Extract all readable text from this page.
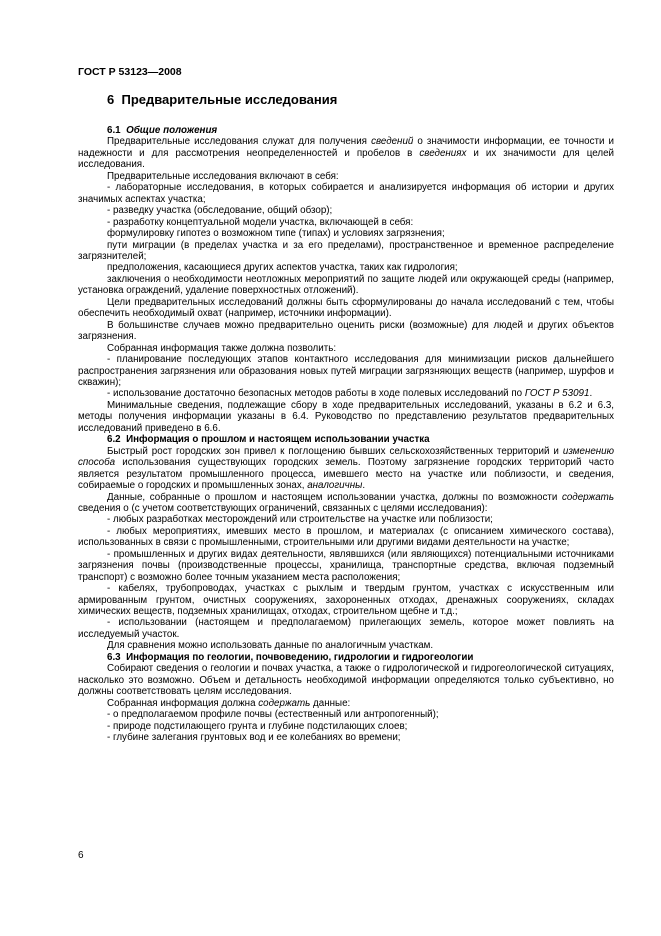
ГОСТ Р 53123—2008
6 Предварительные исследования

6.1 Общие положения

Предварительные исследования служат для получения сведений о значимости информации, ее точности и надежности и для рассмотрения неопределенностей и пробелов в сведениях и их значимости для целей исследования.

Предварительные исследования включают в себя:

- лабораторные исследования, в которых собирается и анализируется информация об истории и других значимых аспектах участка;

- разведку участка (обследование, общий обзор);

- разработку концептуальной модели участка, включающей в себя:

формулировку гипотез о возможном типе (типах) и условиях загрязнения;

пути миграции (в пределах участка и за его пределами), пространственное и временное распределение загрязнителей;

предположения, касающиеся других аспектов участка, таких как гидрология;

заключения о необходимости неотложных мероприятий по защите людей или окружающей среды (например, установка ограждений, удаление поверхностных отложений).

Цели предварительных исследований должны быть сформулированы до начала исследований с тем, чтобы обеспечить необходимый охват (например, источники информации).

В большинстве случаев можно предварительно оценить риски (возможные) для людей и других объектов загрязнения.

Собранная информация также должна позволить:

- планирование последующих этапов контактного исследования для минимизации рисков дальнейшего распространения загрязнения или образования новых путей миграции загрязняющих веществ (например, шурфов и скважин);

- использование достаточно безопасных методов работы в ходе полевых исследований по ГОСТ Р 53091.

Минимальные сведения, подлежащие сбору в ходе предварительных исследований, указаны в 6.2 и 6.3, методы получения информации указаны в 6.4. Руководство по представлению результатов предварительных исследований приведено в 6.6.

6.2 Информация о прошлом и настоящем использовании участка

Быстрый рост городских зон привел к поглощению бывших сельскохозяйственных территорий и изменению способа использования существующих городских земель. Поэтому загрязнение городских территорий часто является результатом промышленного процесса, имевшего место на участке или поблизости, и сведения, собираемые о городских и промышленных зонах, аналогичны.

Данные, собранные о прошлом и настоящем использовании участка, должны по возможности содержать сведения о (с учетом соответствующих ограничений, связанных с целями исследования):

- любых разработках месторождений или строительстве на участке или поблизости;

- любых мероприятиях, имевших место в прошлом, и материалах (с описанием химического состава), использованных в связи с промышленными, строительными или другими видами деятельности на участке;

- промышленных и других видах деятельности, являвшихся (или являющихся) потенциальными источниками загрязнения почвы (производственные процессы, хранилища, транспортные средства, включая подземный транспорт) с возможно более точным указанием места расположения;

- кабелях, трубопроводах, участках с рыхлым и твердым грунтом, участках с искусственным или армированным грунтом, очистных сооружениях, захороненных отходах, дренажных сооружениях, складах химических веществ, подземных хранилищах, отходах, строительном щебне и т.д.;

- использовании (настоящем и предполагаемом) прилегающих земель, которое может повлиять на исследуемый участок.

Для сравнения можно использовать данные по аналогичным участкам.

6.3 Информация по геологии, почвоведению, гидрологии и гидрогеологии

Собирают сведения о геологии и почвах участка, а также о гидрологической и гидрогеологической ситуациях, насколько это возможно. Объем и детальность необходимой информации определяются только субъективно, но должны соответствовать целям исследования.

Собранная информация должна содержать данные:

- о предполагаемом профиле почвы (естественный или антропогенный);

- природе подстилающего грунта и глубине подстилающих слоев;

- глубине залегания грунтовых вод и ее колебаниях во времени;

6
